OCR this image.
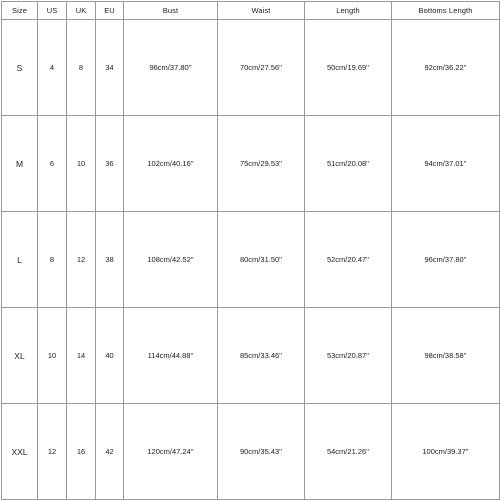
Size	US	UK	EU	Bust	Waist	Length	Bottoms Length
S	4	8	34	96cm/37.80''	70cm/27.56''	50cm/19.69''	92cm/36.22''
M	6	10	36	102cm/40.16''	75cm/29.53''	51cm/20.08''	94cm/37.01''
L	8	12	38	108cm/42.52''	80cm/31.50''	52cm/20.47''	96cm/37.80''
XL	10	14	40	114cm/44.88''	85cm/33.46''	53cm/20.87''	98cm/38.58''
XXL	12	16	42	120cm/47.24''	90cm/35.43''	54cm/21.26''	100cm/39.37''
